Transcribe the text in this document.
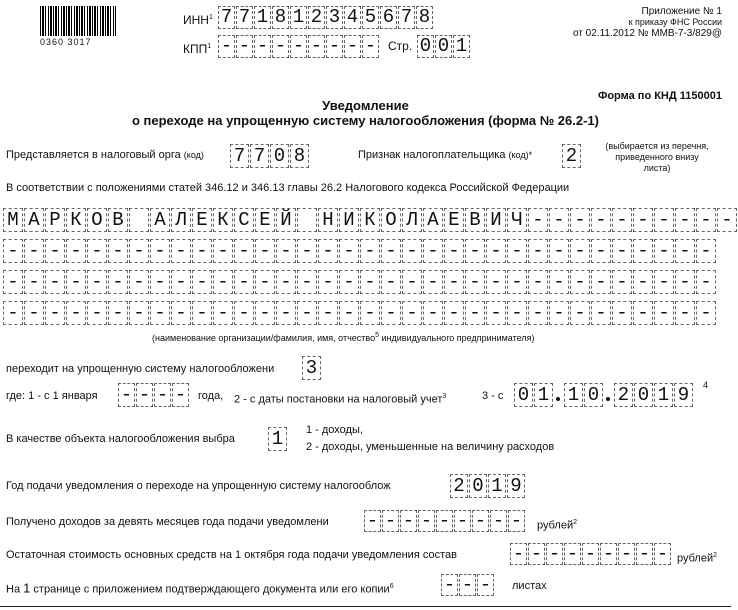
0360 3017
ИНН$^1$ 7 7 1 8 1 2 3 4 5 6 7 8
КПП$^1$ - - - - - - - - - Стр. 0 0 1
Приложение № 1
к приказу ФНС России
от 02.11.2012 № ММВ-7-3/829@
Форма по КНД 1150001
Уведомление
о переходе на упрощенную систему налогообложения (форма № 26.2-1)
Представляется в налоговый орга (код) 7 7 0 8	Признак налогоплательщика (код)* 2	(выбирается из перечня,
приведенного внизу
листа)
В соответствии с положениями статей 346.12 и 346.13 главы 26.2 Налогового кодекса Российской Федерации
М А Р К О В А Л Е К С Е Й Н И К О Л А Е В И Ч - - - - - - - - - -
- - - - - - - - - - - - - - - - - - - - - - - - - - - - - - - - - -
- - - - - - - - - - - - - - - - - - - - - - - - - - - - - - - - - -
- - - - - - - - - - - - - - - - - - - - - - - - - - - - - - - - - -
(наименование организации/фамилия, имя, отчество$^5$ индивидуального предпринимателя)
переходит на упрощенную систему налогообложени 3
где: 1 - с 1 января - - - - года, 2 - с даты постановки на налоговый учет$^3$	3 - с 0 1 1 0 2 0 1 9	4
В качестве объекта налогообложения выбра 1	1 - доходы,
2 - доходы, уменьшенные на величину расходов
Год подачи уведомления о переходе на упрощенную систему налогооблож	2 0 1 9
Получено доходов за девять месяцев года подачи уведомлени - - - - - - - - - рублей$^2$
Остаточная стоимость основных средств на 1 октября года подачи уведомления состав	- - - - - - - - - рублей$^2$
На 1 странице с приложением подтверждающего документа или его копии$^6$	- - - листах
